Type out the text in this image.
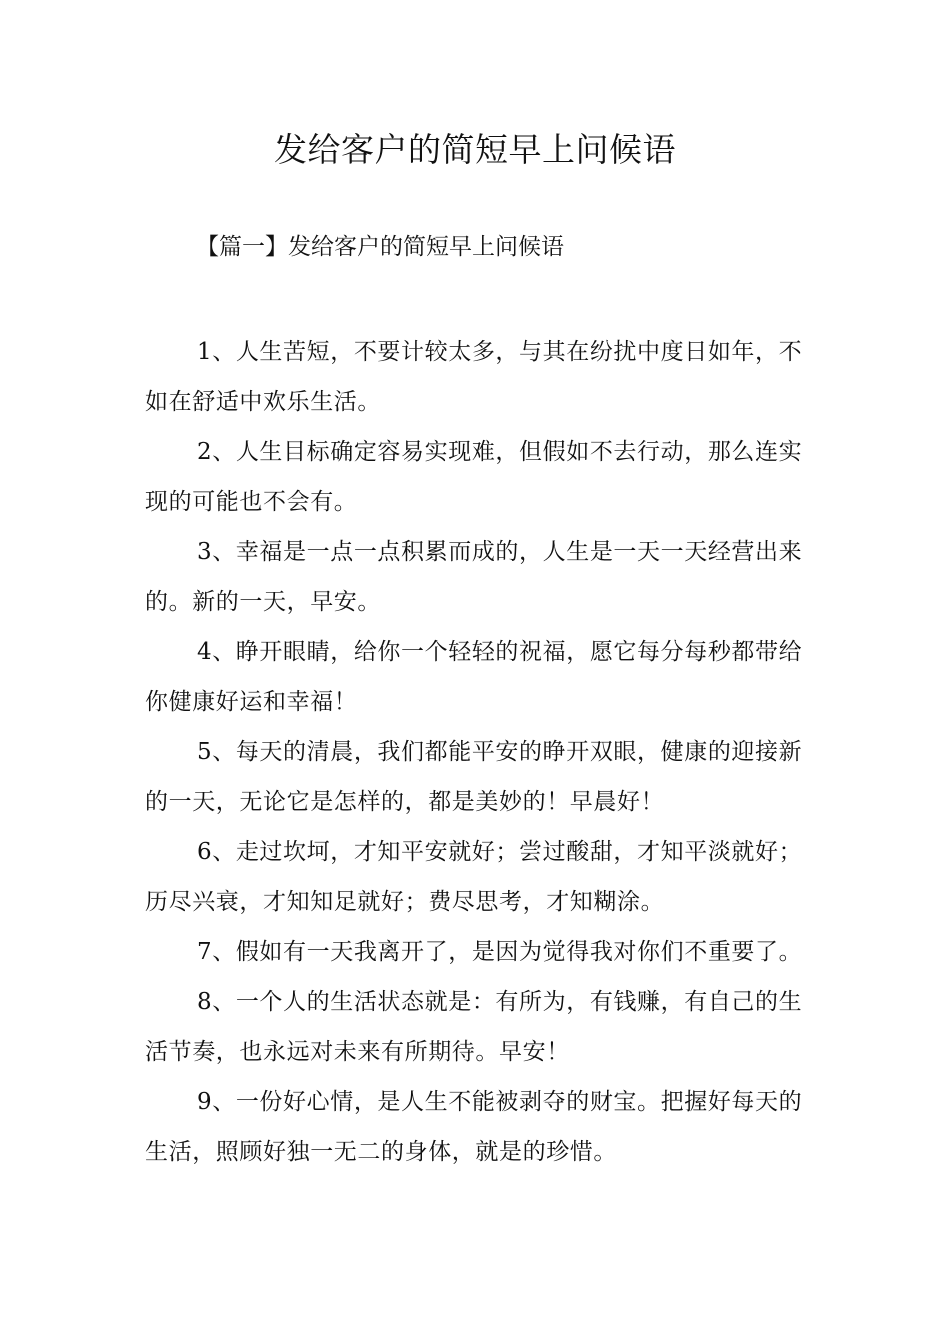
发给客户的简短早上问候语

【篇一】发给客户的简短早上问候语

1、人生苦短，不要计较太多，与其在纷扰中度日如年，不如在舒适中欢乐生活。
2、人生目标确定容易实现难，但假如不去行动，那么连实现的可能也不会有。
3、幸福是一点一点积累而成的，人生是一天一天经营出来的。新的一天，早安。
4、睁开眼睛，给你一个轻轻的祝福，愿它每分每秒都带给你健康好运和幸福！
5、每天的清晨，我们都能平安的睁开双眼，健康的迎接新的一天，无论它是怎样的，都是美妙的！早晨好！
6、走过坎坷，才知平安就好；尝过酸甜，才知平淡就好；历尽兴衰，才知知足就好；费尽思考，才知糊涂。
7、假如有一天我离开了，是因为觉得我对你们不重要了。
8、一个人的生活状态就是：有所为，有钱赚，有自己的生活节奏，也永远对未来有所期待。早安！
9、一份好心情，是人生不能被剥夺的财宝。把握好每天的生活，照顾好独一无二的身体，就是的珍惜。
